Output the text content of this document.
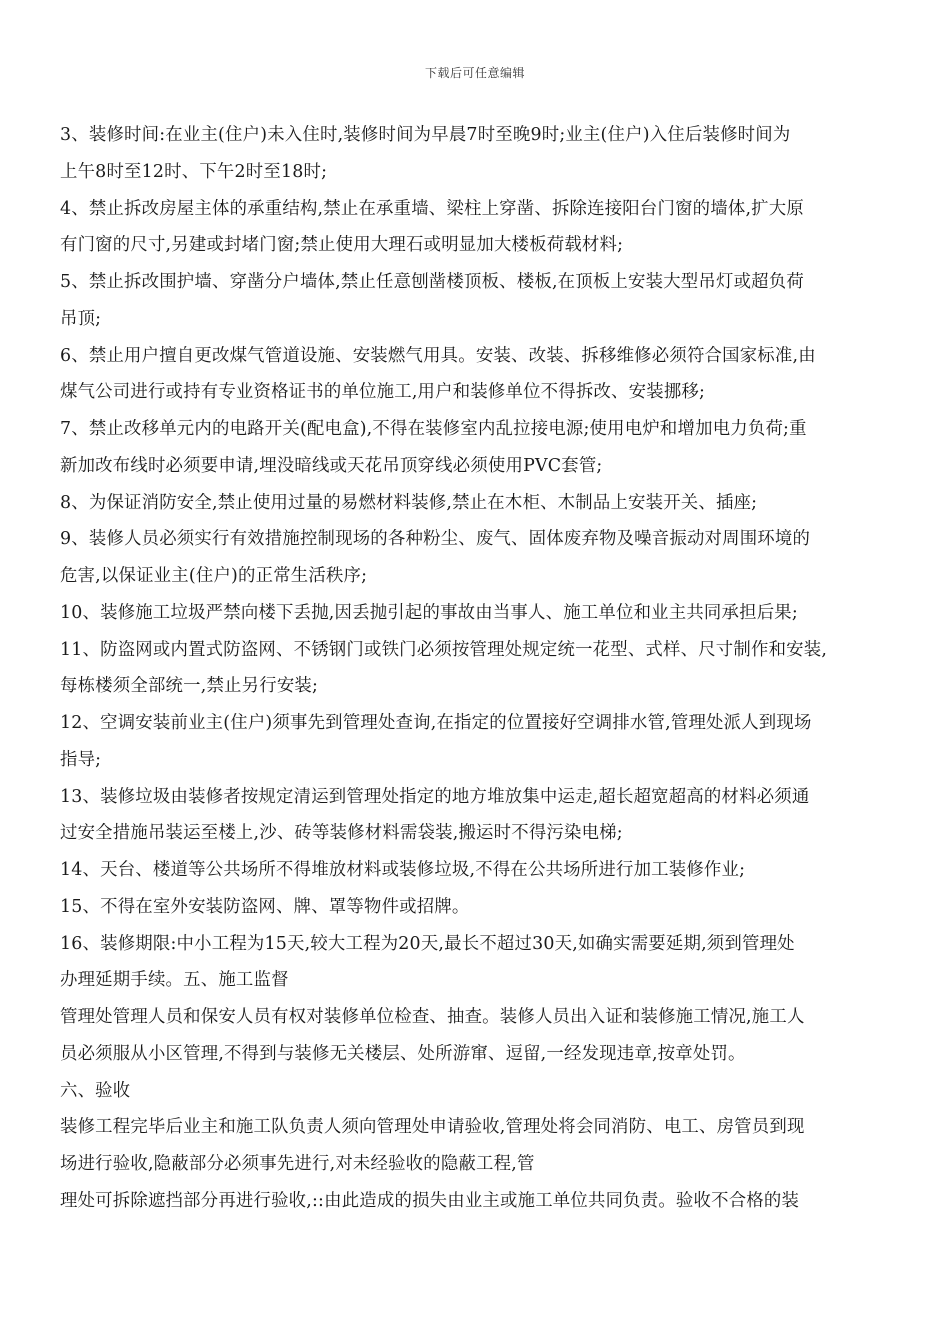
下载后可任意编辑
3、装修时间:在业主(住户)未入住时,装修时间为早晨7时至晚9时;业主(住户)入住后装修时间为
上午8时至12时、下午2时至18时;
4、禁止拆改房屋主体的承重结构,禁止在承重墙、梁柱上穿凿、拆除连接阳台门窗的墙体,扩大原
有门窗的尺寸,另建或封堵门窗;禁止使用大理石或明显加大楼板荷载材料;
5、禁止拆改围护墙、穿凿分户墙体,禁止任意刨凿楼顶板、楼板,在顶板上安装大型吊灯或超负荷
吊顶;
6、禁止用户擅自更改煤气管道设施、安装燃气用具。安装、改装、拆移维修必须符合国家标准,由
煤气公司进行或持有专业资格证书的单位施工,用户和装修单位不得拆改、安装挪移;
7、禁止改移单元内的电路开关(配电盒),不得在装修室内乱拉接电源;使用电炉和增加电力负荷;重
新加改布线时必须要申请,埋没暗线或天花吊顶穿线必须使用PVC套管;
8、为保证消防安全,禁止使用过量的易燃材料装修,禁止在木柜、木制品上安装开关、插座;
9、装修人员必须实行有效措施控制现场的各种粉尘、废气、固体废弃物及噪音振动对周围环境的
危害,以保证业主(住户)的正常生活秩序;
10、装修施工垃圾严禁向楼下丢抛,因丢抛引起的事故由当事人、施工单位和业主共同承担后果;
11、防盗网或内置式防盗网、不锈钢门或铁门必须按管理处规定统一花型、式样、尺寸制作和安装,
每栋楼须全部统一,禁止另行安装;
12、空调安装前业主(住户)须事先到管理处查询,在指定的位置接好空调排水管,管理处派人到现场
指导;
13、装修垃圾由装修者按规定清运到管理处指定的地方堆放集中运走,超长超宽超高的材料必须通
过安全措施吊装运至楼上,沙、砖等装修材料需袋装,搬运时不得污染电梯;
14、天台、楼道等公共场所不得堆放材料或装修垃圾,不得在公共场所进行加工装修作业;
15、不得在室外安装防盗网、牌、罩等物件或招牌。
16、装修期限:中小工程为15天,较大工程为20天,最长不超过30天,如确实需要延期,须到管理处
办理延期手续。五、施工监督
管理处管理人员和保安人员有权对装修单位检查、抽查。装修人员出入证和装修施工情况,施工人
员必须服从小区管理,不得到与装修无关楼层、处所游窜、逗留,一经发现违章,按章处罚。
六、验收
装修工程完毕后业主和施工队负责人须向管理处申请验收,管理处将会同消防、电工、房管员到现
场进行验收,隐蔽部分必须事先进行,对未经验收的隐蔽工程,管
理处可拆除遮挡部分再进行验收,::由此造成的损失由业主或施工单位共同负责。验收不合格的装
